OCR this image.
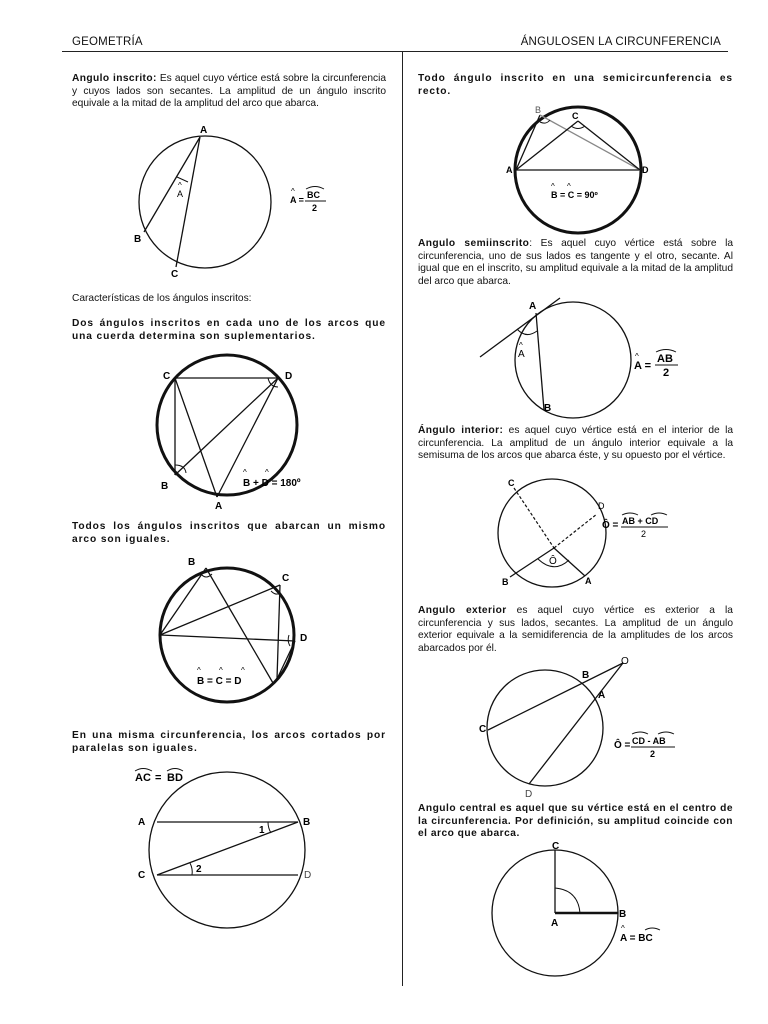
GEOMETRÍA	ÁNGULOSEN LA CIRCUNFERENCIA

Angulo inscrito: Es aquel cuyo vértice está sobre la circunferencia y cuyos lados son secantes. La amplitud de un ángulo inscrito equivale a la mitad de la amplitud del arco que abarca.

A
B
C
A
^
A =
^ BC
2

Características de los ángulos inscritos:

Dos ángulos inscritos en cada uno de los arcos que una cuerda determina son suplementarios.

C	D
B
A
B + D = 180º
^ ^

Todos los ángulos inscritos que abarcan un mismo arco son iguales.

B
C
D
B = C = D
^ ^ ^

En una misma circunferencia, los arcos cortados por paralelas son iguales.

AC = BD
A	B
C	D
1
2

Todo ángulo inscrito en una semicircunferencia es recto.

B
C
A	D
B = C = 90º
^ ^

Angulo semiinscrito: Es aquel cuyo vértice está sobre la circunferencia, uno de sus lados es tangente y el otro, secante. Al igual que en el inscrito, su amplitud equivale a la mitad de la amplitud del arco que abarca.

A
B
A
^
A =
^ AB
2

Ángulo interior: es aquel cuyo vértice está en el interior de la circunferencia. La amplitud de un ángulo interior equivale a la semisuma de los arcos que abarca éste, y su opuesto por el vértice.

C
D
B	A
Ô
Ô = AB + CD
2

Angulo exterior es aquel cuyo vértice es exterior a la circunferencia y sus lados, secantes. La amplitud de un ángulo exterior equivale a la semidiferencia de la amplitudes de los arcos abarcados por él.

O
B
A
C
D
Ô = CD - AB
2

Angulo central es aquel que su vértice está en el centro de la circunferencia. Por definición, su amplitud coincide con el arco que abarca.

C
A
B
A = BC
^
